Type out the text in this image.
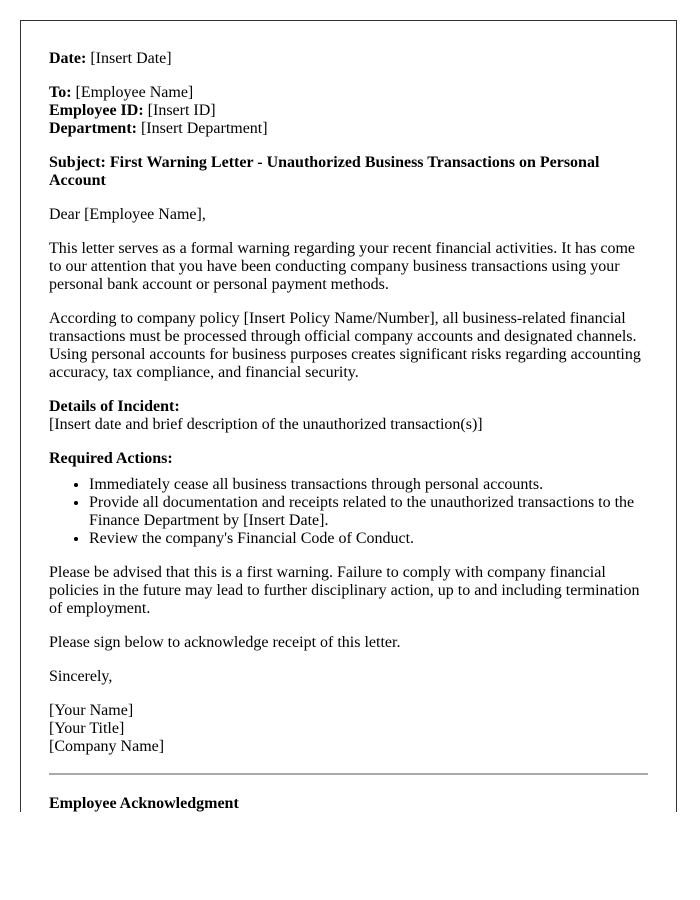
Date: [Insert Date]

To: [Employee Name]
Employee ID: [Insert ID]
Department: [Insert Department]

Subject: First Warning Letter - Unauthorized Business Transactions on Personal Account

Dear [Employee Name],

This letter serves as a formal warning regarding your recent financial activities. It has come to our attention that you have been conducting company business transactions using your personal bank account or personal payment methods.

According to company policy [Insert Policy Name/Number], all business-related financial transactions must be processed through official company accounts and designated channels. Using personal accounts for business purposes creates significant risks regarding accounting accuracy, tax compliance, and financial security.

Details of Incident:
[Insert date and brief description of the unauthorized transaction(s)]

Required Actions:

• Immediately cease all business transactions through personal accounts.
• Provide all documentation and receipts related to the unauthorized transactions to the Finance Department by [Insert Date].
• Review the company's Financial Code of Conduct.

Please be advised that this is a first warning. Failure to comply with company financial policies in the future may lead to further disciplinary action, up to and including termination of employment.

Please sign below to acknowledge receipt of this letter.

Sincerely,

[Your Name]
[Your Title]
[Company Name]

Employee Acknowledgment
